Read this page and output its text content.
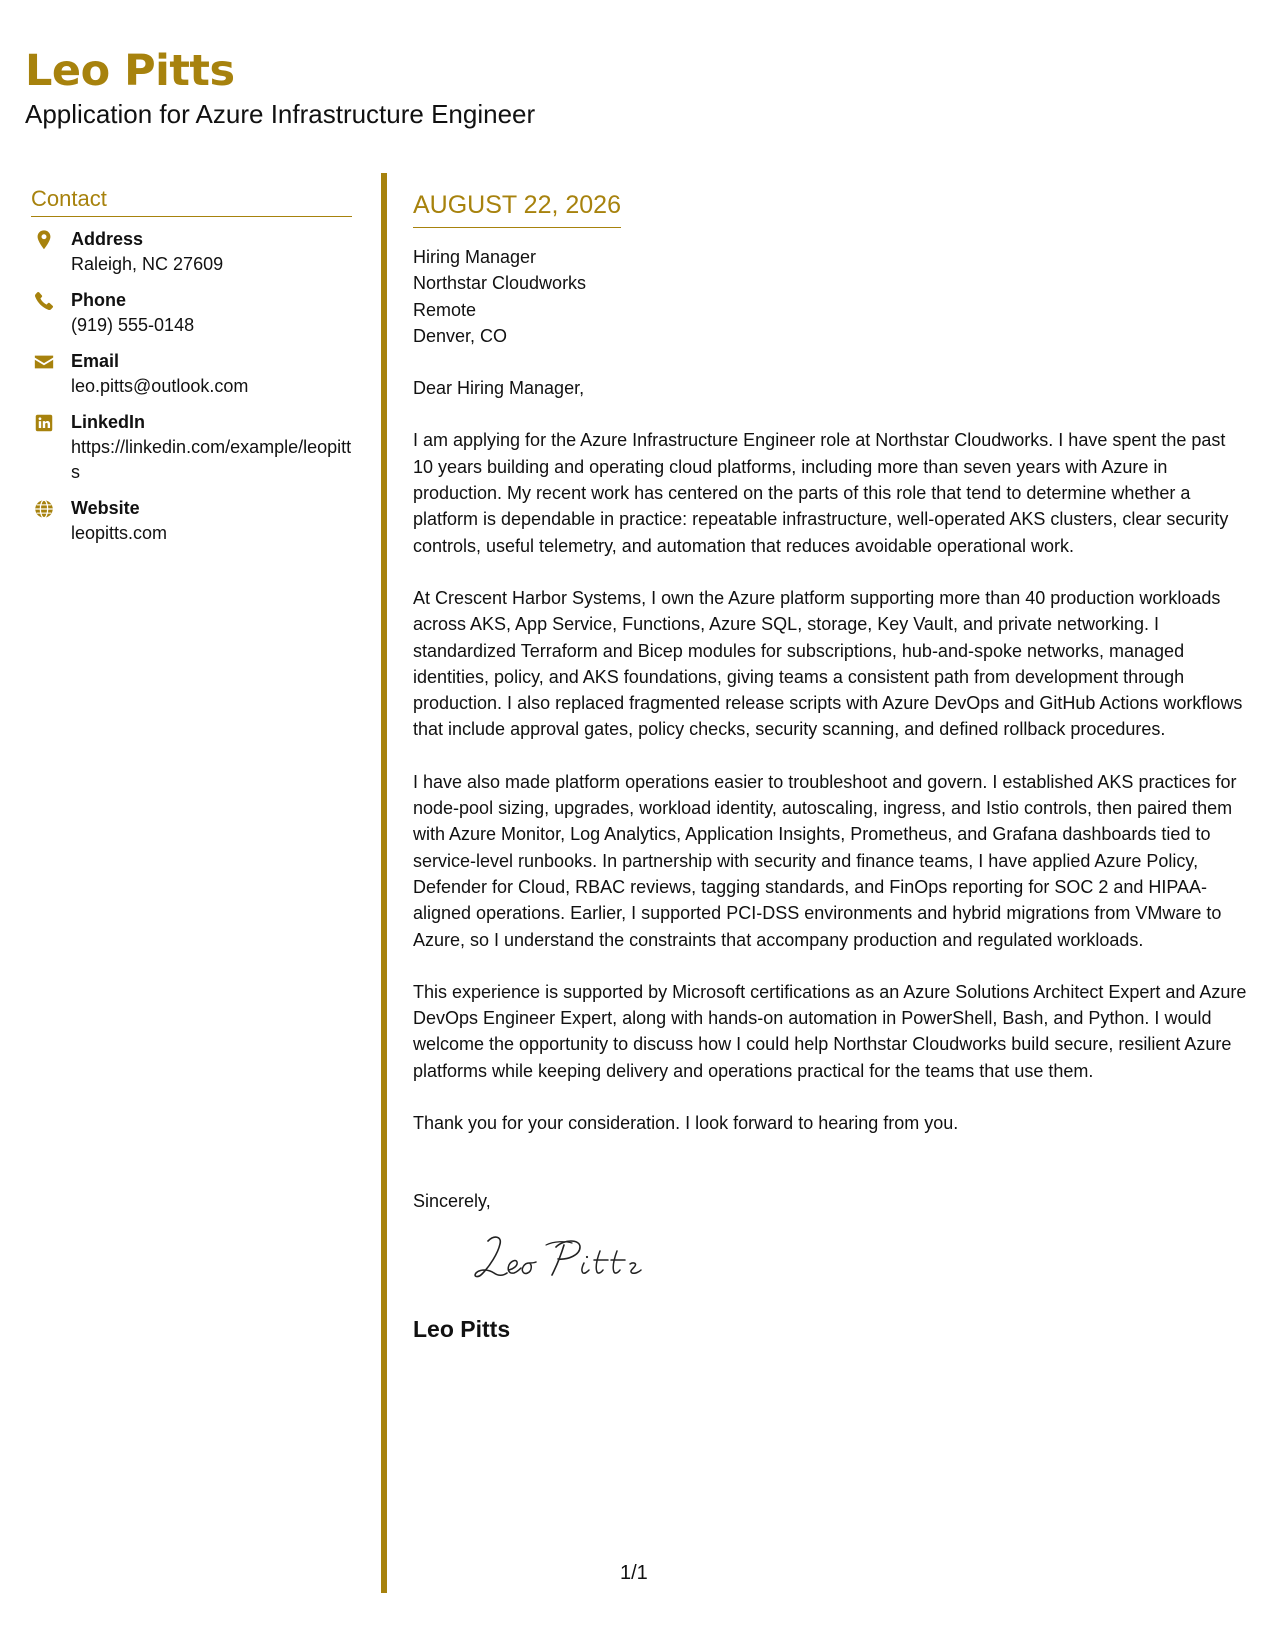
Leo Pitts
Application for Azure Infrastructure Engineer
Contact
Address
Raleigh, NC 27609
Phone
(919) 555-0148
Email
leo.pitts@outlook.com
LinkedIn
https://linkedin.com/example/leopitts
Website
leopitts.com
AUGUST 22, 2026
Hiring Manager
Northstar Cloudworks
Remote
Denver, CO

Dear Hiring Manager,

I am applying for the Azure Infrastructure Engineer role at Northstar Cloudworks. I have spent the past 10 years building and operating cloud platforms, including more than seven years with Azure in production. My recent work has centered on the parts of this role that tend to determine whether a platform is dependable in practice: repeatable infrastructure, well-operated AKS clusters, clear security controls, useful telemetry, and automation that reduces avoidable operational work.

At Crescent Harbor Systems, I own the Azure platform supporting more than 40 production workloads across AKS, App Service, Functions, Azure SQL, storage, Key Vault, and private networking. I standardized Terraform and Bicep modules for subscriptions, hub-and-spoke networks, managed identities, policy, and AKS foundations, giving teams a consistent path from development through production. I also replaced fragmented release scripts with Azure DevOps and GitHub Actions workflows that include approval gates, policy checks, security scanning, and defined rollback procedures.

I have also made platform operations easier to troubleshoot and govern. I established AKS practices for node-pool sizing, upgrades, workload identity, autoscaling, ingress, and Istio controls, then paired them with Azure Monitor, Log Analytics, Application Insights, Prometheus, and Grafana dashboards tied to service-level runbooks. In partnership with security and finance teams, I have applied Azure Policy, Defender for Cloud, RBAC reviews, tagging standards, and FinOps reporting for SOC 2 and HIPAA-aligned operations. Earlier, I supported PCI-DSS environments and hybrid migrations from VMware to Azure, so I understand the constraints that accompany production and regulated workloads.

This experience is supported by Microsoft certifications as an Azure Solutions Architect Expert and Azure DevOps Engineer Expert, along with hands-on automation in PowerShell, Bash, and Python. I would welcome the opportunity to discuss how I could help Northstar Cloudworks build secure, resilient Azure platforms while keeping delivery and operations practical for the teams that use them.

Thank you for your consideration. I look forward to hearing from you.

Sincerely,

Leo Pitts
1/1
